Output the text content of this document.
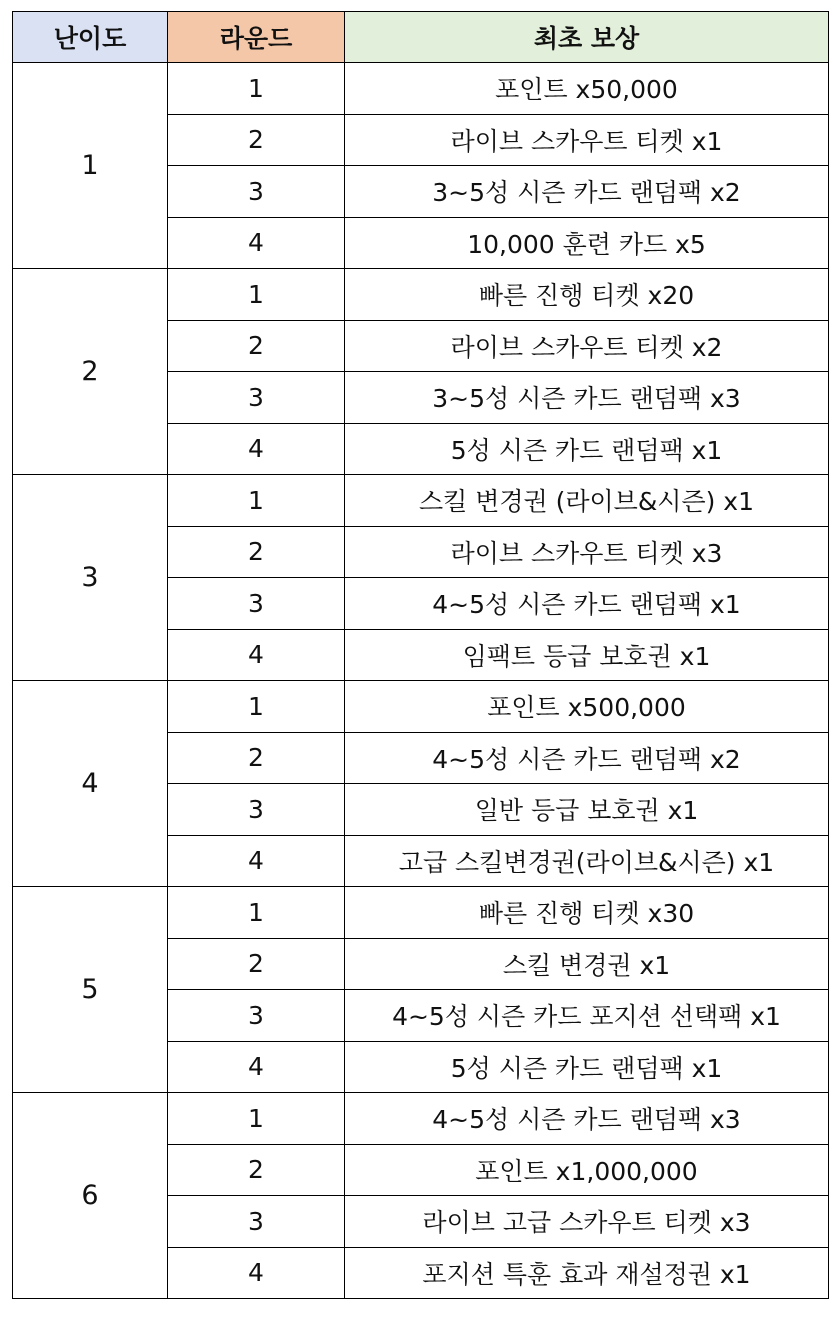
난이도	라운드	최초 보상
1	1	포인트 x50,000
	2	라이브 스카우트 티켓 x1
	3	3~5성 시즌 카드 랜덤팩 x2
	4	10,000 훈련 카드 x5
2	1	빠른 진행 티켓 x20
	2	라이브 스카우트 티켓 x2
	3	3~5성 시즌 카드 랜덤팩 x3
	4	5성 시즌 카드 랜덤팩 x1
3	1	스킬 변경권 (라이브&시즌) x1
	2	라이브 스카우트 티켓 x3
	3	4~5성 시즌 카드 랜덤팩 x1
	4	임팩트 등급 보호권 x1
4	1	포인트 x500,000
	2	4~5성 시즌 카드 랜덤팩 x2
	3	일반 등급 보호권 x1
	4	고급 스킬변경권(라이브&시즌) x1
5	1	빠른 진행 티켓 x30
	2	스킬 변경권 x1
	3	4~5성 시즌 카드 포지션 선택팩 x1
	4	5성 시즌 카드 랜덤팩 x1
6	1	4~5성 시즌 카드 랜덤팩 x3
	2	포인트 x1,000,000
	3	라이브 고급 스카우트 티켓 x3
	4	포지션 특훈 효과 재설정권 x1
